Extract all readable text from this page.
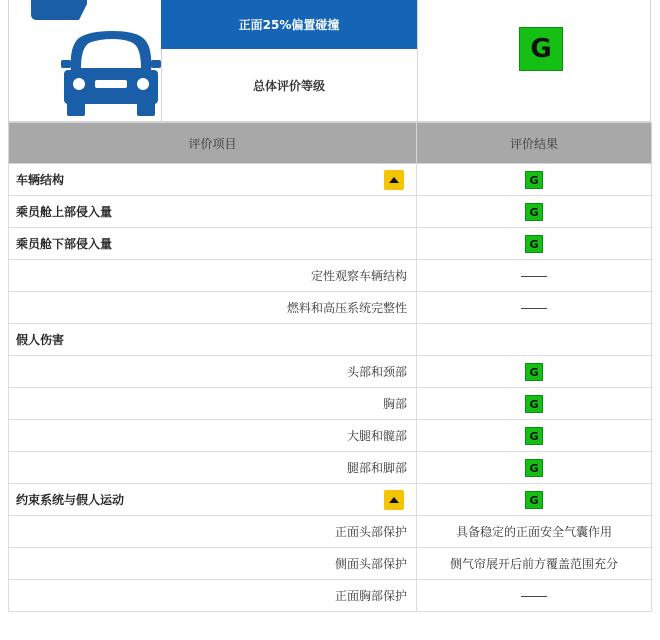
正面25%偏置碰撞
总体评价等级
G
评价项目	评价结果
车辆结构	G
乘员舱上部侵入量	G
乘员舱下部侵入量	G
定性观察车辆结构	
燃料和高压系统完整性	
假人伤害	
头部和颈部	G
胸部	G
大腿和髋部	G
腿部和脚部	G
约束系统与假人运动	G
正面头部保护	具备稳定的正面安全气囊作用
侧面头部保护	侧气帘展开后前方覆盖范围充分
正面胸部保护	
